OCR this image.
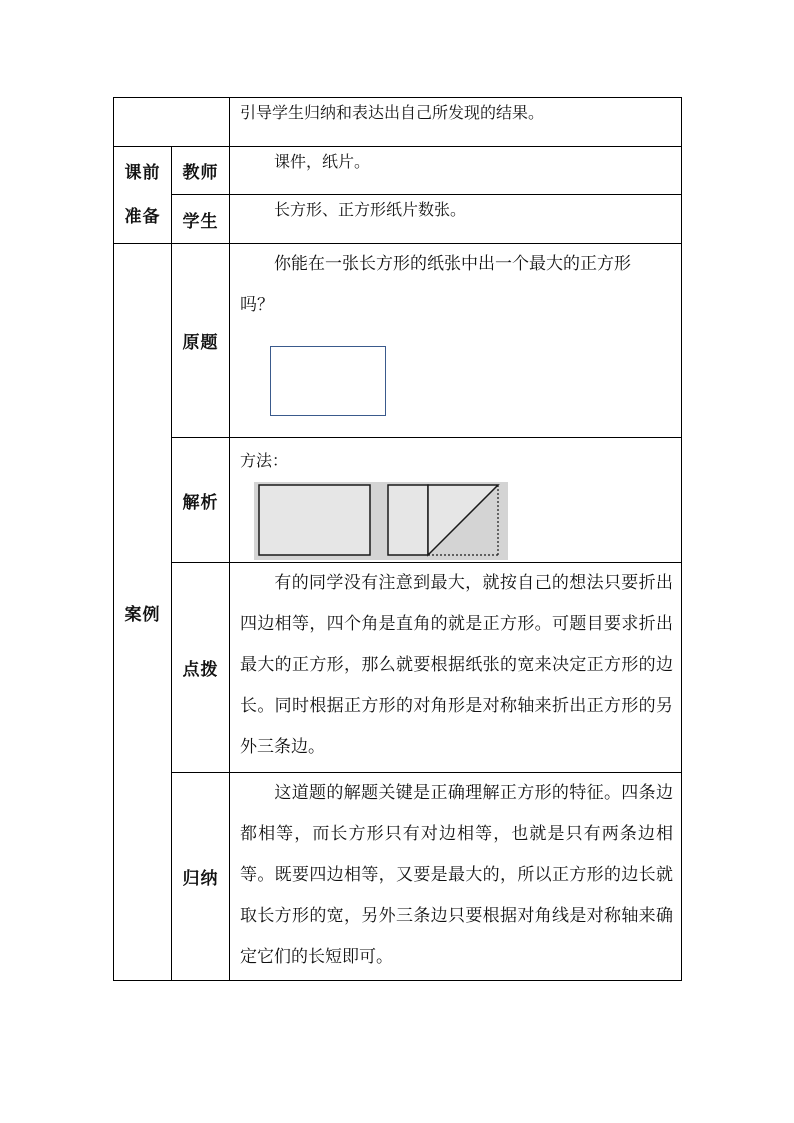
		引导学生归纳和表达出自己所发现的结果。

课前
准备	教师	课件，纸片。
	学生	长方形、正方形纸片数张。
案例	原题	你能在一张长方形的纸张中出一个最大的正方形
吗？

	解析	方法：

	点拨	有的同学没有注意到最大，就按自己的想法只要折出四边相等，四个角是直角的就是正方形。可题目要求折出最大的正方形，那么就要根据纸张的宽来决定正方形的边长。同时根据正方形的对角形是对称轴来折出正方形的另外三条边。
	归纳	这道题的解题关键是正确理解正方形的特征。四条边都相等，而长方形只有对边相等，也就是只有两条边相等。既要四边相等，又要是最大的，所以正方形的边长就取长方形的宽，另外三条边只要根据对角线是对称轴来确定它们的长短即可。
